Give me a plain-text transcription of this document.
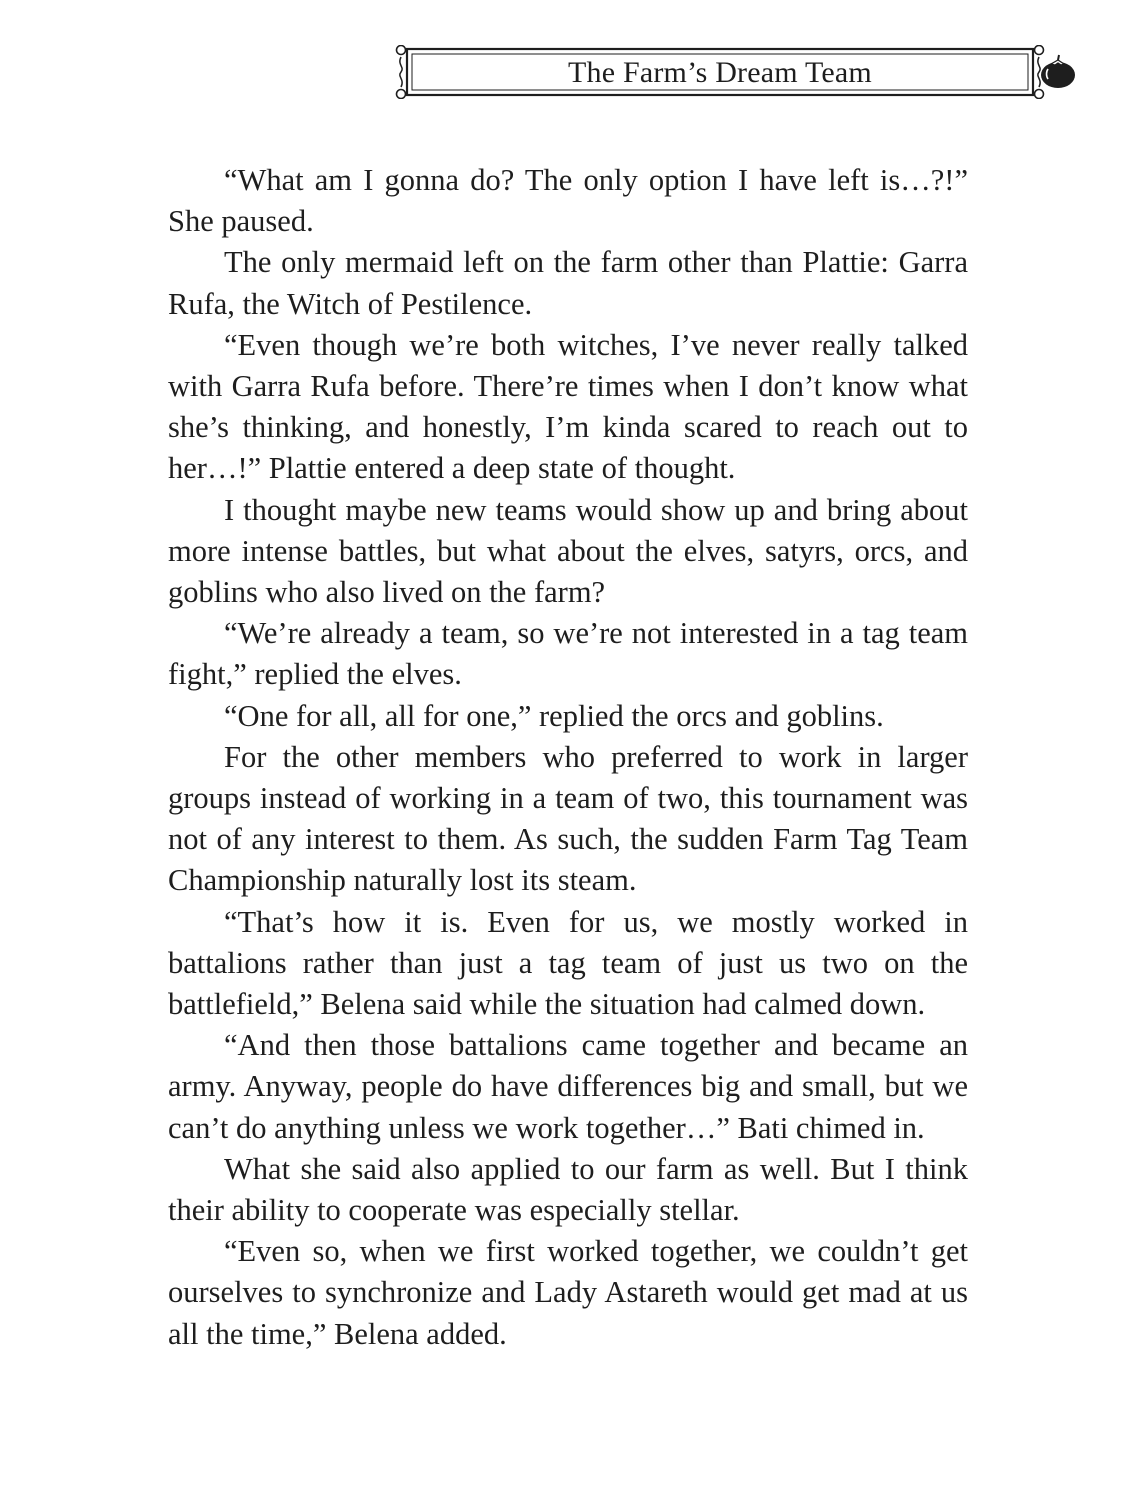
The Farm’s Dream Team

“What am I gonna do? The only option I have left is…?!” She paused.

The only mermaid left on the farm other than Plattie: Garra Rufa, the Witch of Pestilence.

“Even though we’re both witches, I’ve never really talked with Garra Rufa before. There’re times when I don’t know what she’s thinking, and honestly, I’m kinda scared to reach out to her…!” Plattie entered a deep state of thought.

I thought maybe new teams would show up and bring about more intense battles, but what about the elves, satyrs, orcs, and goblins who also lived on the farm?

“We’re already a team, so we’re not interested in a tag team fight,” replied the elves.

“One for all, all for one,” replied the orcs and goblins.

For the other members who preferred to work in larger groups instead of working in a team of two, this tournament was not of any interest to them. As such, the sudden Farm Tag Team Championship naturally lost its steam.

“That’s how it is. Even for us, we mostly worked in battalions rather than just a tag team of just us two on the battlefield,” Belena said while the situation had calmed down.

“And then those battalions came together and became an army. Anyway, people do have differences big and small, but we can’t do anything unless we work together…” Bati chimed in.

What she said also applied to our farm as well. But I think their ability to cooperate was especially stellar.

“Even so, when we first worked together, we couldn’t get ourselves to synchronize and Lady Astareth would get mad at us all the time,” Belena added.
